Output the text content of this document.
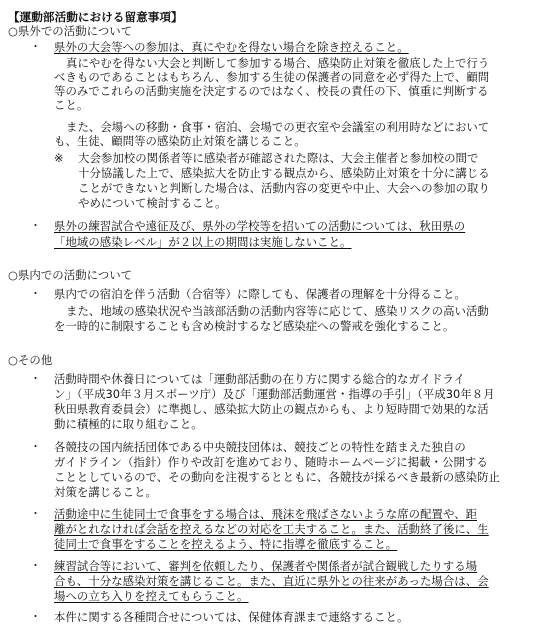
【運動部活動における留意事項】
○県外での活動について
・ 県外の大会等への参加は、真にやむを得ない場合を除き控えること。
真にやむを得ない大会と判断して参加する場合、感染防止対策を徹底した上で行う
べきものであることはもちろん、参加する生徒の保護者の同意を必ず得た上で、顧問
等のみでこれらの活動実施を決定するのではなく、校長の責任の下、慎重に判断する
こと。
また、会場への移動・食事・宿泊、会場での更衣室や会議室の利用時などにおいて
も、生徒、顧問等の感染防止対策を講じること。
※ 大会参加校の関係者等に感染者が確認された際は、大会主催者と参加校の間で
十分協議した上で、感染拡大を防止する観点から、感染防止対策を十分に講じる
ことができないと判断した場合は、活動内容の変更や中止、大会への参加の取り
やめについて検討すること。
・ 県外の練習試合や遠征及び、県外の学校等を招いての活動については、秋田県の
「地域の感染レベル」が２以上の期間は実施しないこと。
○県内での活動について
・ 県内での宿泊を伴う活動（合宿等）に際しても、保護者の理解を十分得ること。
また、地域の感染状況や当該部活動の活動内容等に応じて、感染リスクの高い活動
を一時的に制限することも含め検討するなど感染症への警戒を強化すること。
○その他
・ 活動時間や休養日については「運動部活動の在り方に関する総合的なガイドライ
ン」（平成30年３月スポーツ庁）及び「運動部活動運営・指導の手引」（平成30年８月
秋田県教育委員会）に準拠し、感染拡大防止の観点からも、より短時間で効果的な活
動に積極的に取り組むこと。
・ 各競技の国内統括団体である中央競技団体は、競技ごとの特性を踏まえた独自の
ガイドライン（指針）作りや改訂を進めており、随時ホームページに掲載・公開する
こととしているので、その動向を注視するとともに、各競技が採るべき最新の感染防止
対策を講じること。
・ 活動途中に生徒同士で食事をする場合は、飛沫を飛ばさないような席の配置や、距
離がとれなければ会話を控えるなどの対応を工夫すること。また、活動終了後に、生
徒同士で食事をすることを控えるよう、特に指導を徹底すること。
・ 練習試合等において、審判を依頼したり、保護者や関係者が試合観戦したりする場
合も、十分な感染対策を講じること。また、直近に県外との往来があった場合は、会
場への立ち入りを控えてもらうこと。
・ 本件に関する各種問合せについては、保健体育課まで連絡すること。
